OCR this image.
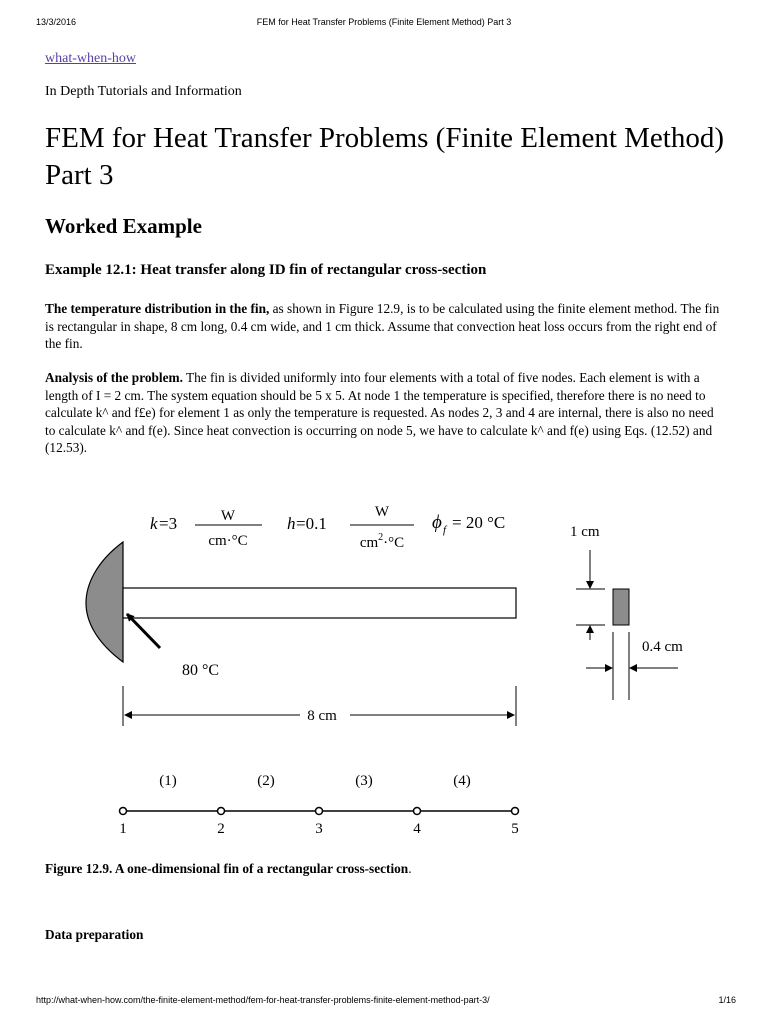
13/3/2016	FEM for Heat Transfer Problems (Finite Element Method) Part 3
what-when-how
In Depth Tutorials and Information
FEM for Heat Transfer Problems (Finite Element Method) Part 3
Worked Example
Example 12.1: Heat transfer along ID fin of rectangular cross-section

The temperature distribution in the fin, as shown in Figure 12.9, is to be calculated using the finite element method. The fin is rectangular in shape, 8 cm long, 0.4 cm wide, and 1 cm thick. Assume that convection heat loss occurs from the right end of the fin.

Analysis of the problem. The fin is divided uniformly into four elements with a total of five nodes. Each element is with a length of I = 2 cm. The system equation should be 5 x 5. At node 1 the temperature is specified, therefore there is no need to calculate k^ and f£e) for element 1 as only the temperature is requested. As nodes 2, 3 and 4 are internal, there is also no need to calculate k^ and f(e). Since heat convection is occurring on node 5, we have to calculate k^ and f(e) using Eqs. (12.52) and (12.53).

k =3	W
cm·°C
h =0.1
W
$cm^2\cdot^\circ C$
ϕ f = 20 °C
80 °C
8 cm
1 cm
0.4 cm
1	2	3	4	5
(1)	(2)	(3)	(4)

Figure 12.9. A one-dimensional fin of a rectangular cross-section.

Data preparation
http://what-when-how.com/the-finite-element-method/fem-for-heat-transfer-problems-finite-element-method-part-3/	1/16
